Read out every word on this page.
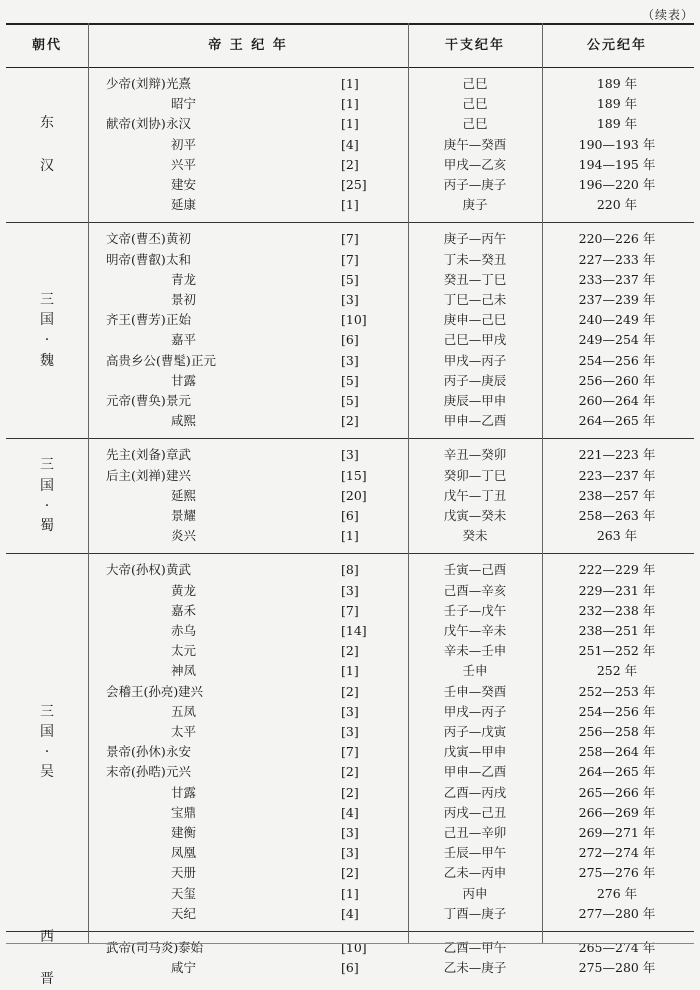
（续表）
朝代	帝 王 纪 年	干支纪年	公元纪年
东
汉
少帝(刘辩) 光熹	[1]	己巳	189 年
昭宁	[1]	己巳	189 年
献帝(刘协) 永汉	[1]	己巳	189 年
初平	[4]	庚午—癸酉	190—193 年
兴平	[2]	甲戌—乙亥	194—195 年
建安	[25]	丙子—庚子	196—220 年
延康	[1]	庚子	220 年
三
国
·
魏
文帝(曹丕) 黄初	[7]	庚子—丙午	220—226 年
明帝(曹叡) 太和	[7]	丁未—癸丑	227—233 年
青龙	[5]	癸丑—丁巳	233—237 年
景初	[3]	丁巳—己未	237—239 年
齐王(曹芳) 正始	[10]	庚申—己巳	240—249 年
嘉平	[6]	己巳—甲戌	249—254 年
高贵乡公(曹髦) 正元	[3]	甲戌—丙子	254—256 年
甘露	[5]	丙子—庚辰	256—260 年
元帝(曹奂) 景元	[5]	庚辰—甲申	260—264 年
咸熙	[2]	甲申—乙酉	264—265 年
三
国
·
蜀
先主(刘备) 章武	[3]	辛丑—癸卯	221—223 年
后主(刘禅) 建兴	[15]	癸卯—丁巳	223—237 年
延熙	[20]	戊午—丁丑	238—257 年
景耀	[6]	戊寅—癸未	258—263 年
炎兴	[1]	癸未	263 年
三
国
·
吴
大帝(孙权) 黄武	[8]	壬寅—己酉	222—229 年
黄龙	[3]	己酉—辛亥	229—231 年
嘉禾	[7]	壬子—戊午	232—238 年
赤乌	[14]	戊午—辛未	238—251 年
太元	[2]	辛未—壬申	251—252 年
神凤	[1]	壬申	252 年
会稽王(孙亮) 建兴	[2]	壬申—癸酉	252—253 年
五凤	[3]	甲戌—丙子	254—256 年
太平	[3]	丙子—戊寅	256—258 年
景帝(孙休) 永安	[7]	戊寅—甲申	258—264 年
末帝(孙晧) 元兴	[2]	甲申—乙酉	264—265 年
甘露	[2]	乙酉—丙戌	265—266 年
宝鼎	[4]	丙戌—己丑	266—269 年
建衡	[3]	己丑—辛卯	269—271 年
凤凰	[3]	壬辰—甲午	272—274 年
天册	[2]	乙未—丙申	275—276 年
天玺	[1]	丙申	276 年
天纪	[4]	丁酉—庚子	277—280 年
西
晋
武帝(司马炎) 泰始	[10]	乙酉—甲午	265—274 年
咸宁	[6]	乙未—庚子	275—280 年
